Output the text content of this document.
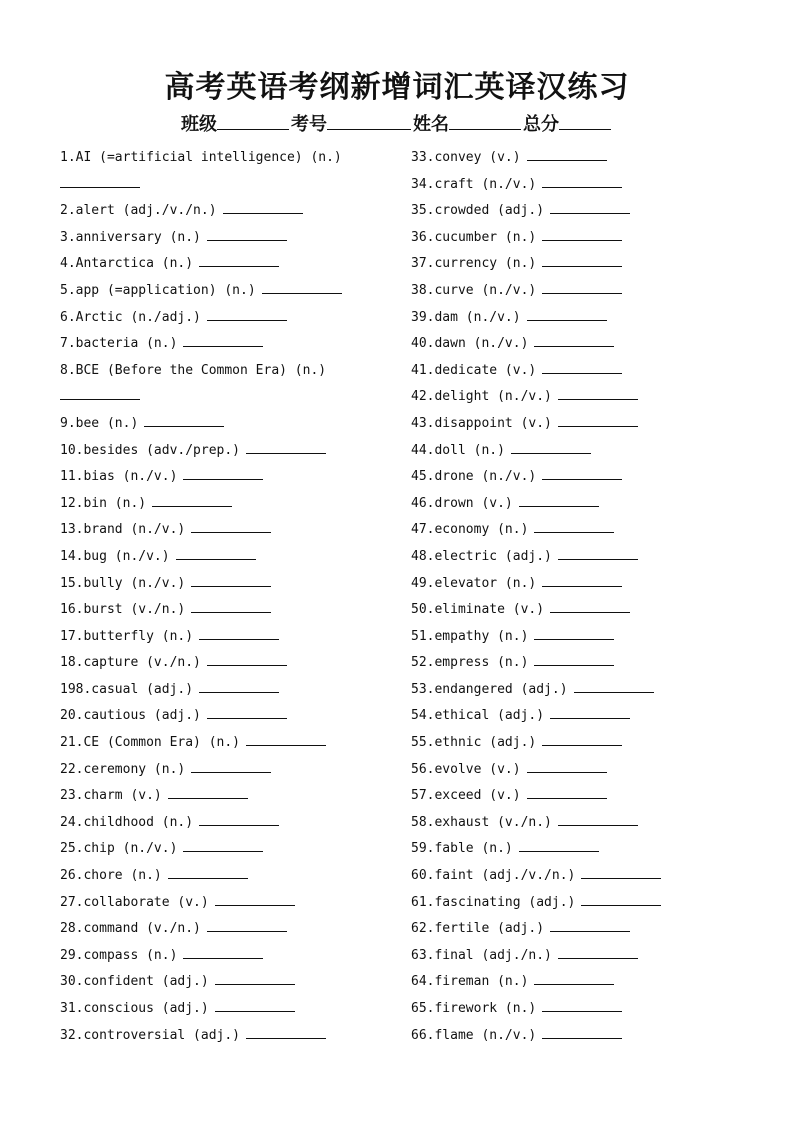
高考英语考纲新增词汇英译汉练习
班级	考号	姓名	总分
1.AI (=artificial intelligence) (n.)
2.alert (adj./v./n.)
3.anniversary (n.)
4.Antarctica (n.)
5.app (=application) (n.)
6.Arctic (n./adj.)
7.bacteria (n.)
8.BCE (Before the Common Era) (n.)
9.bee (n.)
10.besides (adv./prep.)
11.bias (n./v.)
12.bin (n.)
13.brand (n./v.)
14.bug (n./v.)
15.bully (n./v.)
16.burst (v./n.)
17.butterfly (n.)
18.capture (v./n.)
198.casual (adj.)
20.cautious (adj.)
21.CE (Common Era) (n.)
22.ceremony (n.)
23.charm (v.)
24.childhood (n.)
25.chip (n./v.)
26.chore (n.)
27.collaborate (v.)
28.command (v./n.)
29.compass (n.)
30.confident (adj.)
31.conscious (adj.)
32.controversial (adj.)
33.convey (v.)
34.craft (n./v.)
35.crowded (adj.)
36.cucumber (n.)
37.currency (n.)
38.curve (n./v.)
39.dam (n./v.)
40.dawn (n./v.)
41.dedicate (v.)
42.delight (n./v.)
43.disappoint (v.)
44.doll (n.)
45.drone (n./v.)
46.drown (v.)
47.economy (n.)
48.electric (adj.)
49.elevator (n.)
50.eliminate (v.)
51.empathy (n.)
52.empress (n.)
53.endangered (adj.)
54.ethical (adj.)
55.ethnic (adj.)
56.evolve (v.)
57.exceed (v.)
58.exhaust (v./n.)
59.fable (n.)
60.faint (adj./v./n.)
61.fascinating (adj.)
62.fertile (adj.)
63.final (adj./n.)
64.fireman (n.)
65.firework (n.)
66.flame (n./v.)
